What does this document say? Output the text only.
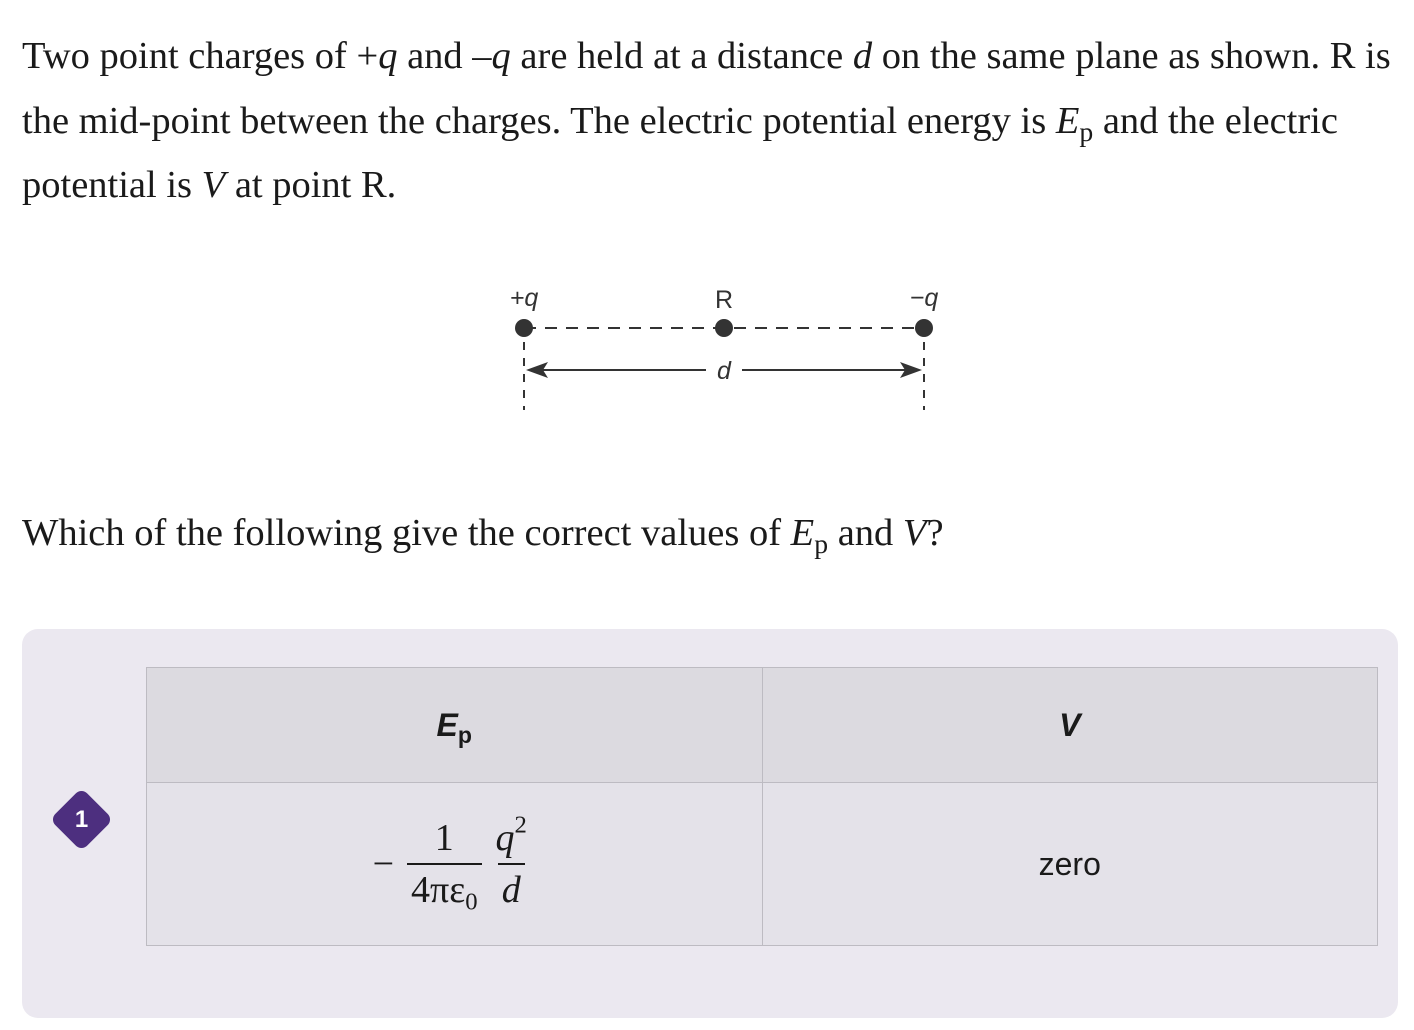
Two point charges of +q and –q are held at a distance d on the same plane as shown. R is the mid-point between the charges. The electric potential energy is $E_p$ and the electric potential is V at point R.
+q	R	−q
d
Which of the following give the correct values of $E_p$ and V?
1
$E_p$	V

− $\frac{1}{4\pi\varepsilon_0} \frac{q^2}{d}$	zero
